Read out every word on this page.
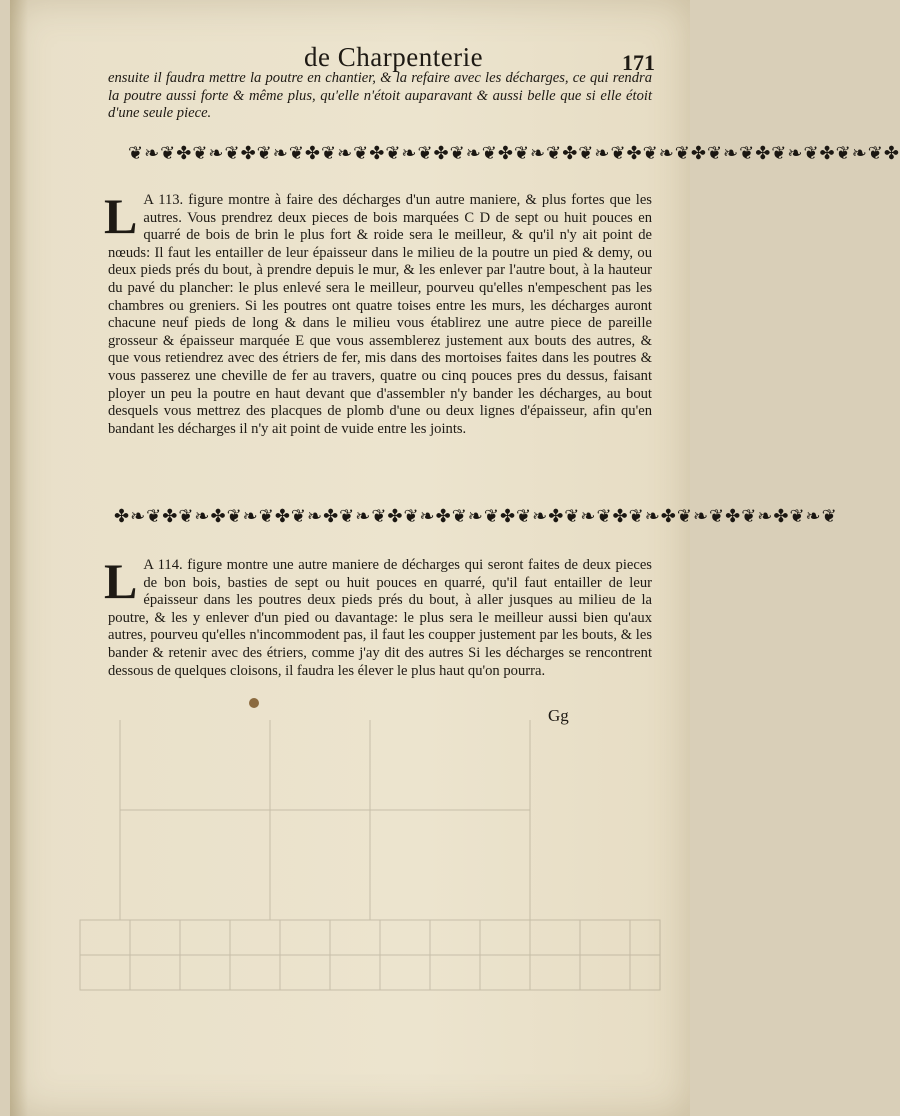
de Charpenterie	171

ensuite il faudra mettre la poutre en chantier, & la refaire avec les décharges, ce qui rendra la poutre aussi forte & même plus, qu'elle n'étoit auparavant & aussi belle que si elle étoit d'une seule piece.

❦❧❦✤❦❧❦✤❦❧❦✤❦❧❦✤❦❧❦✤❦❧❦✤❦❧❦✤❦❧❦✤❦❧❦✤❦❧❦✤❦❧❦✤❦❧❦✤

L A 113. figure montre à faire des décharges d'un autre maniere, & plus fortes que les autres. Vous prendrez deux pieces de bois marquées C D de sept ou huit pouces en quarré de bois de brin le plus fort & roide sera le meilleur, & qu'il n'y ait point de nœuds: Il faut les entailler de leur épaisseur dans le milieu de la poutre un pied & demy, ou deux pieds prés du bout, à prendre depuis le mur, & les enlever par l'autre bout, à la hauteur du pavé du plancher: le plus enlevé sera le meilleur, pourveu qu'elles n'empeschent pas les chambres ou greniers. Si les poutres ont quatre toises entre les murs, les décharges auront chacune neuf pieds de long & dans le milieu vous établirez une autre piece de pareille grosseur & épaisseur marquée E que vous assemblerez justement aux bouts des autres, & que vous retiendrez avec des étriers de fer, mis dans des mortoises faites dans les poutres & vous passerez une cheville de fer au travers, quatre ou cinq pouces pres du dessus, faisant ployer un peu la poutre en haut devant que d'assembler n'y bander les décharges, au bout desquels vous mettrez des placques de plomb d'une ou deux lignes d'épaisseur, afin qu'en bandant les décharges il n'y ait point de vuide entre les joints.

✤❧❦✤❦❧✤❦❧❦✤❦❧✤❦❧❦✤❦❧✤❦❧❦✤❦❧✤❦❧❦✤❦❧✤❦❧❦✤❦❧✤❦❧❦

L A 114. figure montre une autre maniere de décharges qui seront faites de deux pieces de bon bois, basties de sept ou huit pouces en quarré, qu'il faut entailler de leur épaisseur dans les poutres deux pieds prés du bout, à aller jusques au milieu de la poutre, & les y enlever d'un pied ou davantage: le plus sera le meilleur aussi bien qu'aux autres, pourveu qu'elles n'incommodent pas, il faut les coupper justement par les bouts, & les bander & retenir avec des étriers, comme j'ay dit des autres Si les décharges se rencontrent dessous de quelques cloisons, il faudra les élever le plus haut qu'on pourra.

Gg
